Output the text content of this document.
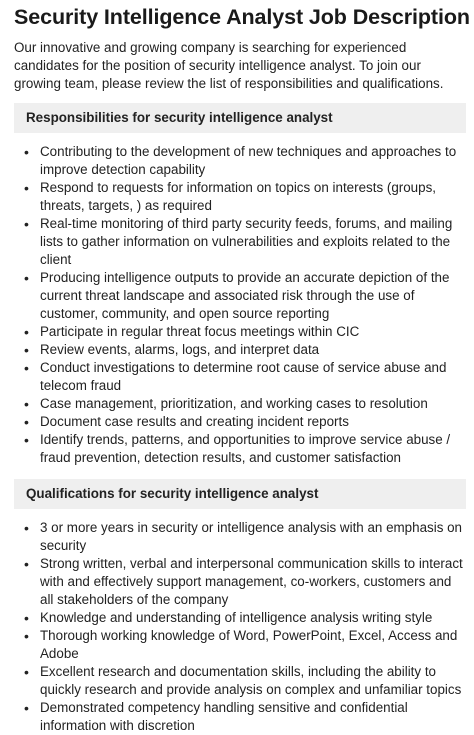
Security Intelligence Analyst Job Description

Our innovative and growing company is searching for experienced candidates for the position of security intelligence analyst. To join our growing team, please review the list of responsibilities and qualifications.

Responsibilities for security intelligence analyst
• Contributing to the development of new techniques and approaches to improve detection capability
• Respond to requests for information on topics on interests (groups, threats, targets, ) as required
• Real-time monitoring of third party security feeds, forums, and mailing lists to gather information on vulnerabilities and exploits related to the client
• Producing intelligence outputs to provide an accurate depiction of the current threat landscape and associated risk through the use of customer, community, and open source reporting
• Participate in regular threat focus meetings within CIC
• Review events, alarms, logs, and interpret data
• Conduct investigations to determine root cause of service abuse and telecom fraud
• Case management, prioritization, and working cases to resolution
• Document case results and creating incident reports
• Identify trends, patterns, and opportunities to improve service abuse / fraud prevention, detection results, and customer satisfaction
Qualifications for security intelligence analyst
• 3 or more years in security or intelligence analysis with an emphasis on security
• Strong written, verbal and interpersonal communication skills to interact with and effectively support management, co-workers, customers and all stakeholders of the company
• Knowledge and understanding of intelligence analysis writing style
• Thorough working knowledge of Word, PowerPoint, Excel, Access and Adobe
• Excellent research and documentation skills, including the ability to quickly research and provide analysis on complex and unfamiliar topics
• Demonstrated competency handling sensitive and confidential information with discretion
